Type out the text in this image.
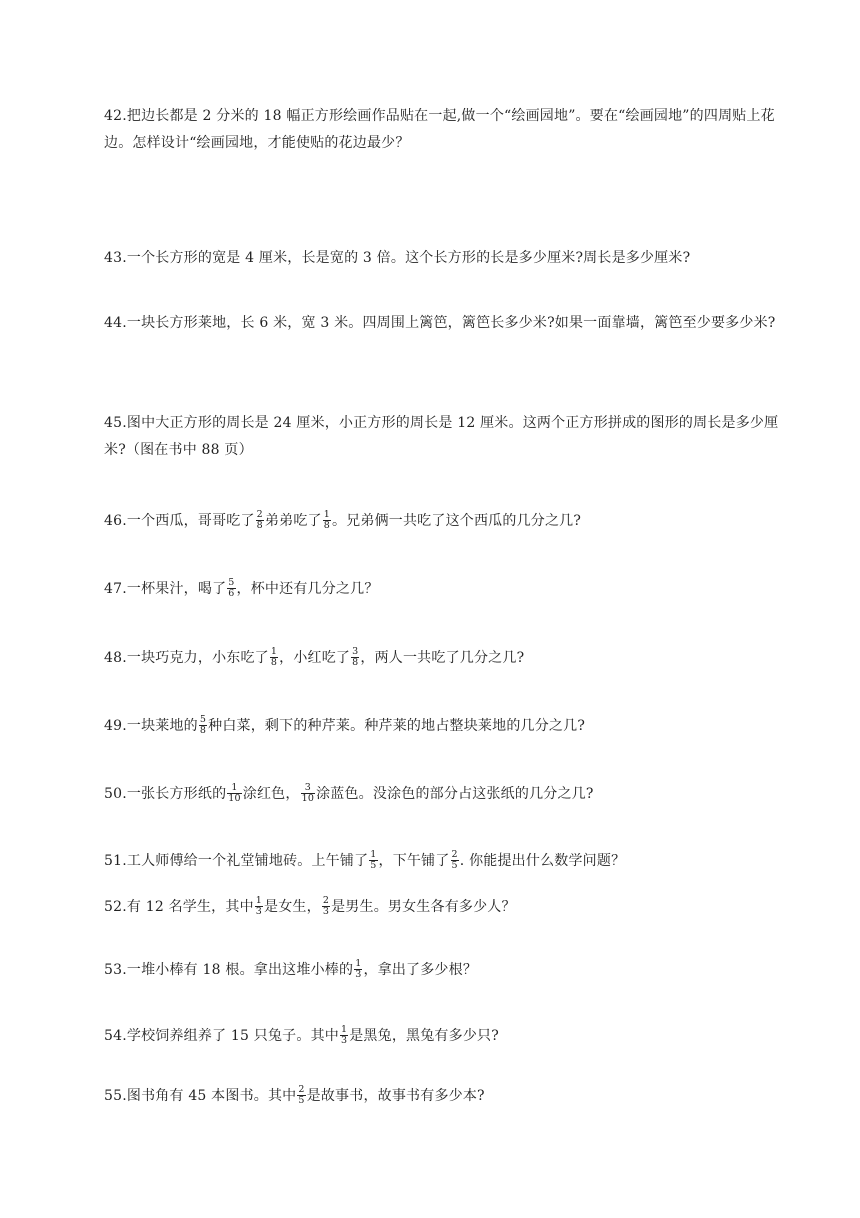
42.把边长都是 2 分米的 18 幅正方形绘画作品贴在一起,做一个“绘画园地”。要在“绘画园地”的四周贴上花边。怎样设计“绘画园地，才能使贴的花边最少？
43.一个长方形的宽是 4 厘米，长是宽的 3 倍。这个长方形的长是多少厘米?周长是多少厘米?
44.一块长方形莱地，长 6 米，宽 3 米。四周围上篱笆，篱笆长多少米?如果一面靠墙，篱笆至少要多少米?
45.图中大正方形的周长是 24 厘米，小正方形的周长是 12 厘米。这两个正方形拼成的图形的周长是多少厘米?（图在书中 88 页）
46.一个西瓜，哥哥吃了 $\frac{2}{8}$ 弟弟吃了 $\frac{1}{8}$ 。兄弟俩一共吃了这个西瓜的几分之几?
47.一杯果汁，喝了 $\frac{5}{6}$ ，杯中还有几分之几？
48.一块巧克力，小东吃了 $\frac{1}{8}$ ，小红吃了 $\frac{3}{8}$ ，两人一共吃了几分之几?
49.一块莱地的 $\frac{5}{8}$ 种白菜，剩下的种芹莱。种芹莱的地占整块莱地的几分之几?
50.一张长方形纸的 $\frac{1}{10}$ 涂红色， $\frac{3}{10}$ 涂蓝色。没涂色的部分占这张纸的几分之几?
51.工人师傅给一个礼堂铺地砖。上午铺了 $\frac{1}{5}$ ，下午铺了 $\frac{2}{5}$ . 你能提出什么数学问题？
52.有 12 名学生，其中 $\frac{1}{3}$ 是女生， $\frac{2}{3}$ 是男生。男女生各有多少人？
53.一堆小棒有 18 根。拿出这堆小棒的 $\frac{1}{3}$ ，拿出了多少根？
54.学校饲养组养了 15 只兔子。其中 $\frac{1}{3}$ 是黑兔，黑兔有多少只?
55.图书角有 45 本图书。其中 $\frac{2}{5}$ 是故事书，故事书有多少本?
